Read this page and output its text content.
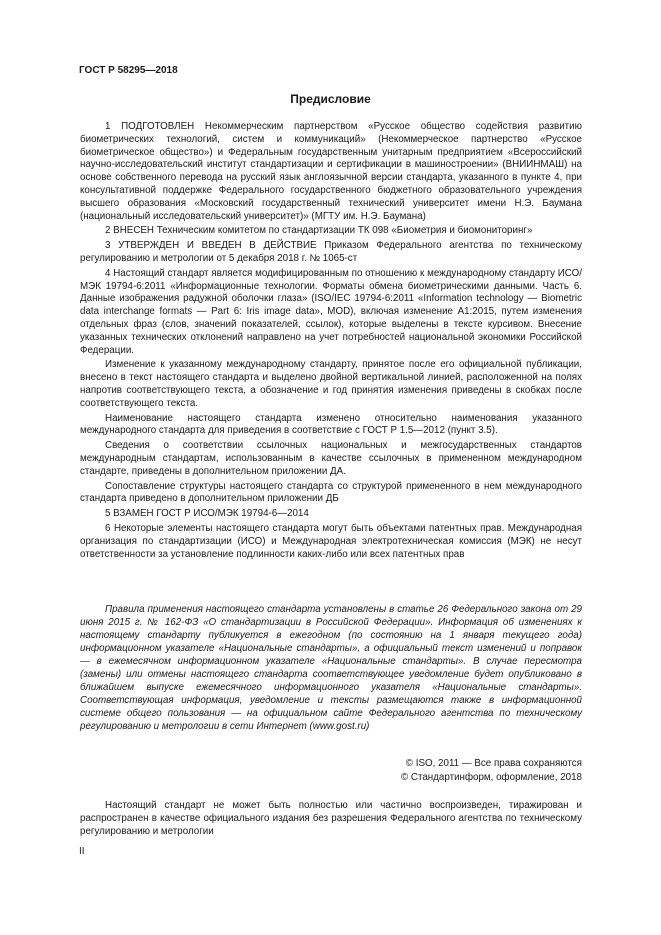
ГОСТ Р 58295—2018
Предисловие

1 ПОДГОТОВЛЕН Некоммерческим партнерством «Русское общество содействия развитию биометрических технологий, систем и коммуникаций» (Некоммерческое партнерство «Русское биометрическое общество») и Федеральным государственным унитарным предприятием «Всероссийский научно-исследовательский институт стандартизации и сертификации в машиностроении» (ВНИИНМАШ) на основе собственного перевода на русский язык англоязычной версии стандарта, указанного в пункте 4, при консультативной поддержке Федерального государственного бюджетного образовательного учреждения высшего образования «Московский государственный технический университет имени Н.Э. Баумана (национальный исследовательский университет)» (МГТУ им. Н.Э. Баумана)

2 ВНЕСЕН Техническим комитетом по стандартизации ТК 098 «Биометрия и биомониторинг»

3 УТВЕРЖДЕН И ВВЕДЕН В ДЕЙСТВИЕ Приказом Федерального агентства по техническому регулированию и метрологии от 5 декабря 2018 г. № 1065-ст

4 Настоящий стандарт является модифицированным по отношению к международному стандарту ИСО/МЭК 19794-6:2011 «Информационные технологии. Форматы обмена биометрическими данными. Часть 6. Данные изображения радужной оболочки глаза» (ISO/IEC 19794-6:2011 «Information technology — Biometric data interchange formats — Part 6: Iris image data», MOD), включая изменение A1:2015, путем изменения отдельных фраз (слов, значений показателей, ссылок), которые выделены в тексте курсивом. Внесение указанных технических отклонений направлено на учет потребностей национальной экономики Российской Федерации.

Изменение к указанному международному стандарту, принятое после его официальной публикации, внесено в текст настоящего стандарта и выделено двойной вертикальной линией, расположенной на полях напротив соответствующего текста, а обозначение и год принятия изменения приведены в скобках после соответствующего текста.

Наименование настоящего стандарта изменено относительно наименования указанного международного стандарта для приведения в соответствие с ГОСТ Р 1.5—2012 (пункт 3.5).

Сведения о соответствии ссылочных национальных и межгосударственных стандартов международным стандартам, использованным в качестве ссылочных в примененном международном стандарте, приведены в дополнительном приложении ДА.

Сопоставление структуры настоящего стандарта со структурой примененного в нем международного стандарта приведено в дополнительном приложении ДБ

5 ВЗАМЕН ГОСТ Р ИСО/МЭК 19794-6—2014

6 Некоторые элементы настоящего стандарта могут быть объектами патентных прав. Международная организация по стандартизации (ИСО) и Международная электротехническая комиссия (МЭК) не несут ответственности за установление подлинности каких-либо или всех патентных прав

Правила применения настоящего стандарта установлены в статье 26 Федерального закона от 29 июня 2015 г. № 162-ФЗ «О стандартизации в Российской Федерации». Информация об изменениях к настоящему стандарту публикуется в ежегодном (по состоянию на 1 января текущего года) информационном указателе «Национальные стандарты», а официальный текст изменений и поправок — в ежемесячном информационном указателе «Национальные стандарты». В случае пересмотра (замены) или отмены настоящего стандарта соответствующее уведомление будет опубликовано в ближайшем выпуске ежемесячного информационного указателя «Национальные стандарты». Соответствующая информация, уведомление и тексты размещаются также в информационной системе общего пользования — на официальном сайте Федерального агентства по техническому регулированию и метрологии в сети Интернет (www.gost.ru)

© ISO, 2011 — Все права сохраняются
© Стандартинформ, оформление, 2018

Настоящий стандарт не может быть полностью или частично воспроизведен, тиражирован и распространен в качестве официального издания без разрешения Федерального агентства по техническому регулированию и метрологии

II
